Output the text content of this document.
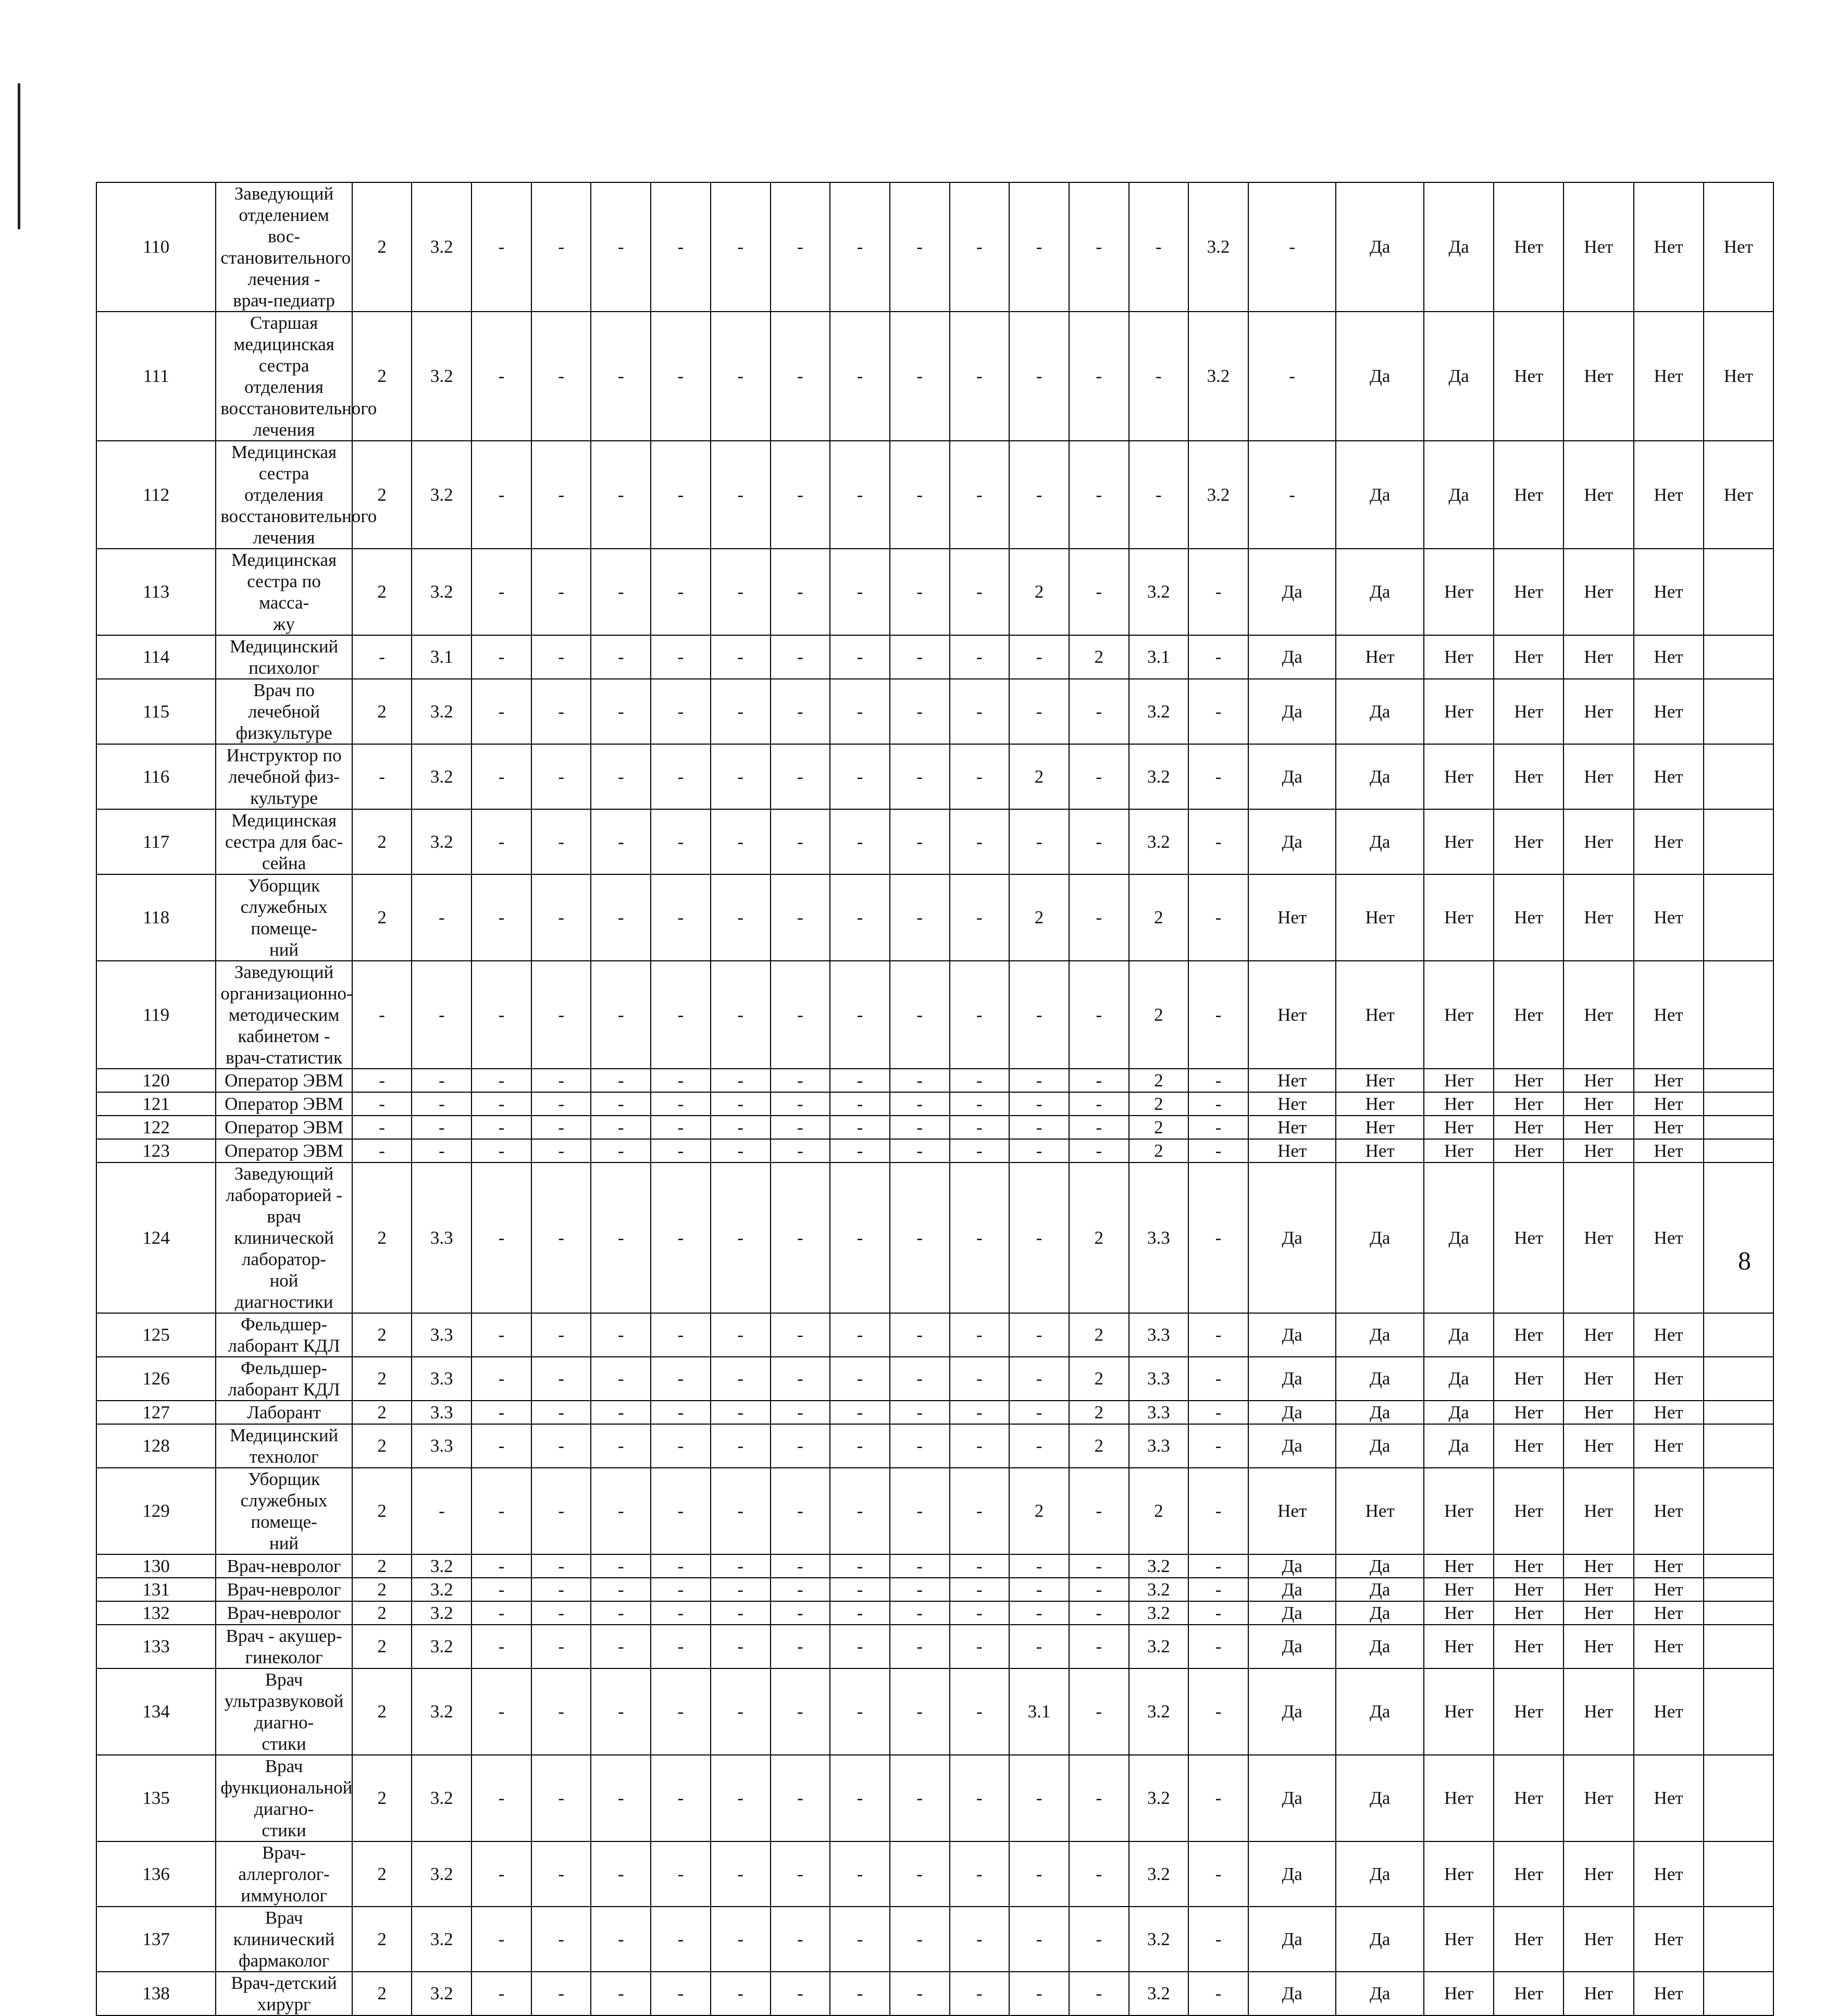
110	Заведующий отделением вос-
становительного лечения -
врач-педиатр	2	3.2	-	-	-	-	-	-	-	-	-	-	-	-	3.2	-	Да	Да	Нет	Нет	Нет	Нет
111	Старшая медицинская сестра
отделения восстановительного
лечения	2	3.2	-	-	-	-	-	-	-	-	-	-	-	-	3.2	-	Да	Да	Нет	Нет	Нет	Нет
112	Медицинская сестра отделения
восстановительного лечения	2	3.2	-	-	-	-	-	-	-	-	-	-	-	-	3.2	-	Да	Да	Нет	Нет	Нет	Нет
113	Медицинская сестра по масса-
жу	2	3.2	-	-	-	-	-	-	-	-	-	2	-	3.2	-	Да	Да	Нет	Нет	Нет	Нет	
114	Медицинский психолог	-	3.1	-	-	-	-	-	-	-	-	-	-	2	3.1	-	Да	Нет	Нет	Нет	Нет	Нет	
115	Врач по лечебной физкультуре	2	3.2	-	-	-	-	-	-	-	-	-	-	-	3.2	-	Да	Да	Нет	Нет	Нет	Нет	
116	Инструктор по лечебной физ-
культуре	-	3.2	-	-	-	-	-	-	-	-	-	2	-	3.2	-	Да	Да	Нет	Нет	Нет	Нет	
117	Медицинская сестра для бас-
сейна	2	3.2	-	-	-	-	-	-	-	-	-	-	-	3.2	-	Да	Да	Нет	Нет	Нет	Нет	
118	Уборщик служебных помеще-
ний	2	-	-	-	-	-	-	-	-	-	-	2	-	2	-	Нет	Нет	Нет	Нет	Нет	Нет	
119	Заведующий организационно-
методическим кабинетом -
врач-статистик	-	-	-	-	-	-	-	-	-	-	-	-	-	2	-	Нет	Нет	Нет	Нет	Нет	Нет	
120	Оператор ЭВМ	-	-	-	-	-	-	-	-	-	-	-	-	-	2	-	Нет	Нет	Нет	Нет	Нет	Нет	
121	Оператор ЭВМ	-	-	-	-	-	-	-	-	-	-	-	-	-	2	-	Нет	Нет	Нет	Нет	Нет	Нет	
122	Оператор ЭВМ	-	-	-	-	-	-	-	-	-	-	-	-	-	2	-	Нет	Нет	Нет	Нет	Нет	Нет	
123	Оператор ЭВМ	-	-	-	-	-	-	-	-	-	-	-	-	-	2	-	Нет	Нет	Нет	Нет	Нет	Нет	
124	Заведующий лабораторией -
врач клинической лаборатор-
ной диагностики	2	3.3	-	-	-	-	-	-	-	-	-	-	2	3.3	-	Да	Да	Да	Нет	Нет	Нет	
125	Фельдшер-лаборант КДЛ	2	3.3	-	-	-	-	-	-	-	-	-	-	2	3.3	-	Да	Да	Да	Нет	Нет	Нет	
126	Фельдшер-лаборант КДЛ	2	3.3	-	-	-	-	-	-	-	-	-	-	2	3.3	-	Да	Да	Да	Нет	Нет	Нет	
127	Лаборант	2	3.3	-	-	-	-	-	-	-	-	-	-	2	3.3	-	Да	Да	Да	Нет	Нет	Нет	
128	Медицинский технолог	2	3.3	-	-	-	-	-	-	-	-	-	-	2	3.3	-	Да	Да	Да	Нет	Нет	Нет	
129	Уборщик служебных помеще-
ний	2	-	-	-	-	-	-	-	-	-	-	2	-	2	-	Нет	Нет	Нет	Нет	Нет	Нет	
130	Врач-невролог	2	3.2	-	-	-	-	-	-	-	-	-	-	-	3.2	-	Да	Да	Нет	Нет	Нет	Нет	
131	Врач-невролог	2	3.2	-	-	-	-	-	-	-	-	-	-	-	3.2	-	Да	Да	Нет	Нет	Нет	Нет	
132	Врач-невролог	2	3.2	-	-	-	-	-	-	-	-	-	-	-	3.2	-	Да	Да	Нет	Нет	Нет	Нет	
133	Врач - акушер-гинеколог	2	3.2	-	-	-	-	-	-	-	-	-	-	-	3.2	-	Да	Да	Нет	Нет	Нет	Нет	
134	Врач ультразвуковой диагно-
стики	2	3.2	-	-	-	-	-	-	-	-	-	3.1	-	3.2	-	Да	Да	Нет	Нет	Нет	Нет	
135	Врач функциональной диагно-
стики	2	3.2	-	-	-	-	-	-	-	-	-	-	-	3.2	-	Да	Да	Нет	Нет	Нет	Нет	
136	Врач-аллерголог-иммунолог	2	3.2	-	-	-	-	-	-	-	-	-	-	-	3.2	-	Да	Да	Нет	Нет	Нет	Нет	
137	Врач клинический фармаколог	2	3.2	-	-	-	-	-	-	-	-	-	-	-	3.2	-	Да	Да	Нет	Нет	Нет	Нет	
138	Врач-детский хирург	2	3.2	-	-	-	-	-	-	-	-	-	-	-	3.2	-	Да	Да	Нет	Нет	Нет	Нет	
8
